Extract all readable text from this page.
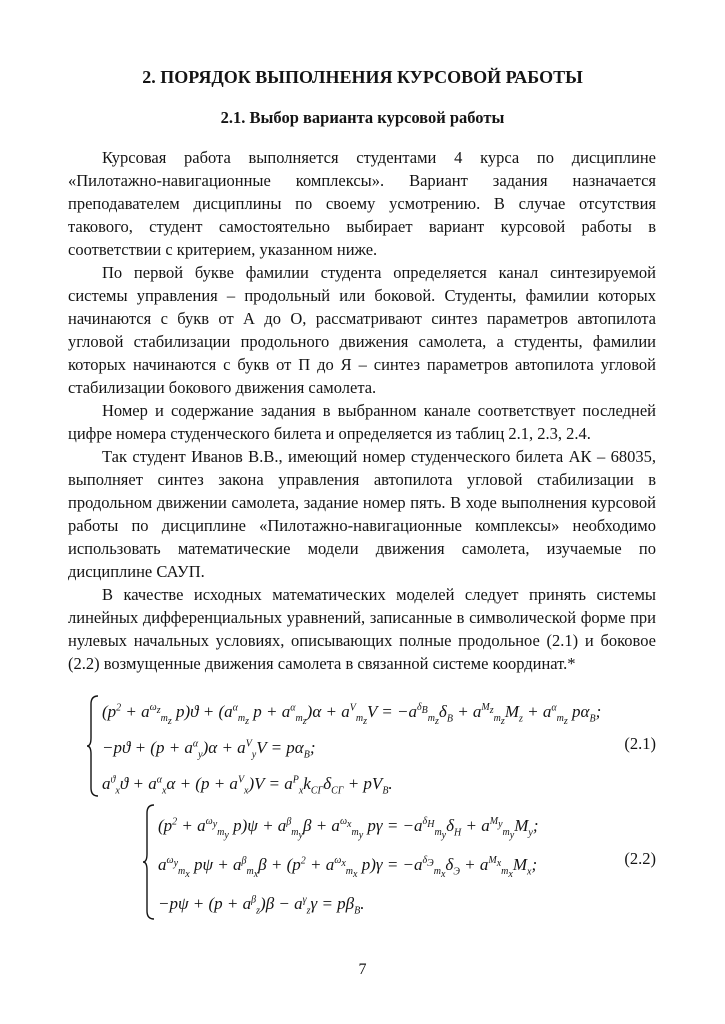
2. ПОРЯДОК ВЫПОЛНЕНИЯ КУРСОВОЙ РАБОТЫ
2.1. Выбор варианта курсовой работы

Курсовая работа выполняется студентами 4 курса по дисциплине «Пилотажно-навигационные комплексы». Вариант задания назначается преподавателем дисциплины по своему усмотрению. В случае отсутствия такового, студент самостоятельно выбирает вариант курсовой работы в соответствии с критерием, указанном ниже.

По первой букве фамилии студента определяется канал синтезируемой системы управления – продольный или боковой. Студенты, фамилии которых начинаются с букв от А до О, рассматривают синтез параметров автопилота угловой стабилизации продольного движения самолета, а студенты, фамилии которых начинаются с букв от П до Я – синтез параметров автопилота угловой стабилизации бокового движения самолета.

Номер и содержание задания в выбранном канале соответствует последней цифре номера студенческого билета и определяется из таблиц 2.1, 2.3, 2.4.

Так студент Иванов В.В., имеющий номер студенческого билета АК – 68035, выполняет синтез закона управления автопилота угловой стабилизации в продольном движении самолета, задание номер пять. В ходе выполнения курсовой работы по дисциплине «Пилотажно-навигационные комплексы» необходимо использовать математические модели движения самолета, изучаемые по дисциплине САУП.

В качестве исходных математических моделей следует принять системы линейных дифференциальных уравнений, записанные в символической форме при нулевых начальных условиях, описывающих полные продольное (2.1) и боковое (2.2) возмущенные движения самолета в связанной системе координат.*

($p^2 + a^{\omega_z}_{m_z}$ $p)ϑ + (a^\alpha_{m_z}$ $p + a^\alpha_{m_z})\alpha + a^V_{m_z}V = -a^{\delta_B}_{m_z}\delta_B + a^{M_z}_{m_z}M_z + a^\alpha_{m_z}$ $p\alpha_B$;
$-pϑ + (p + a^\alpha_y)\alpha + a^V_yV = p\alpha_B$;
$a^ϑ_xϑ + a^\alpha_x\alpha + (p + a^V_x)V = a^P_xk_{СГ}\delta_{СГ} + pV_B$.
(2.1)
($p^2 + a^{\omega_y}_{m_y}$ $p)\psi + a^\beta_{m_y}\beta + a^{\omega_x}_{m_y}$ $p\gamma = -a^{\delta_H}_{m_y}\delta_H + a^{M_y}_{m_y}M_y$;
$a^{\omega_y}_{m_x}$ $p\psi + a^\beta_{m_x}\beta + (p^2 + a^{\omega_x}_{m_x}$ $p)\gamma = -a^{\delta_Э}_{m_x}\delta_Э + a^{M_x}_{m_x}M_x$;
$-p\psi + (p + a^\beta_z)\beta - a^\gamma_z\gamma = p\beta_B$.
(2.2)
7
